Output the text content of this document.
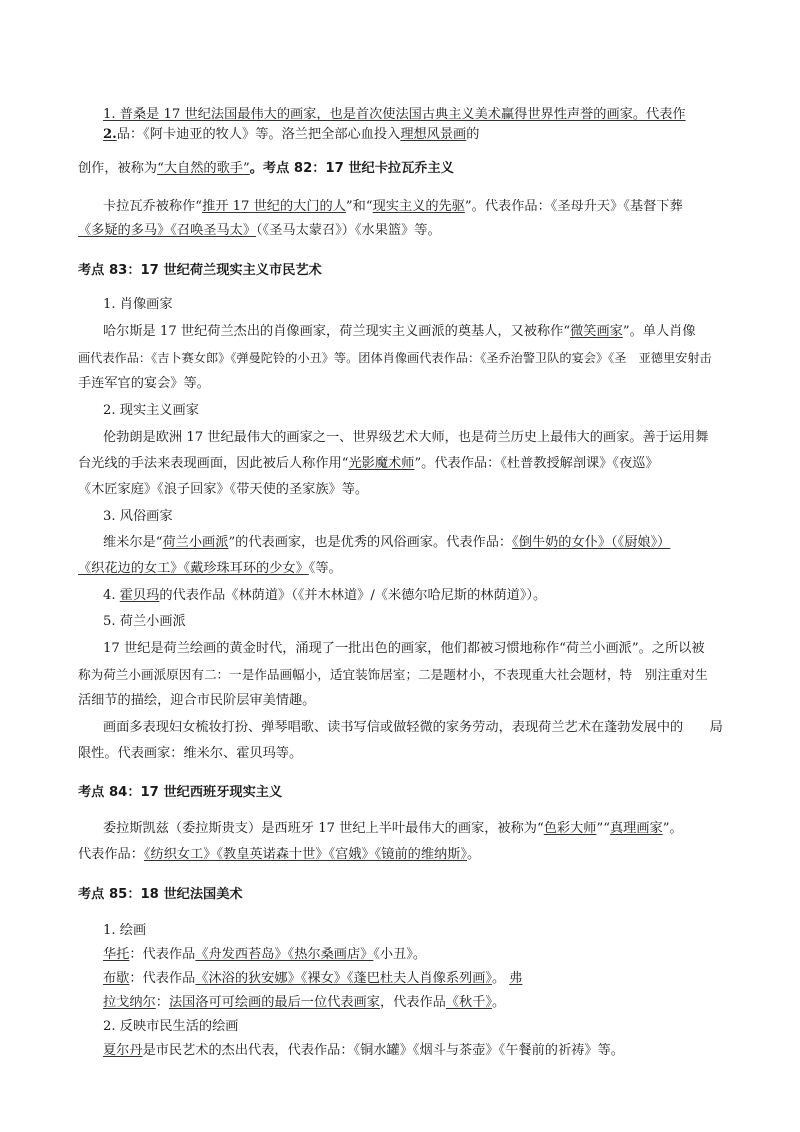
1. 普桑是 17 世纪法国最伟大的画家，也是首次使法国古典主义美术赢得世界性声誉的画家。代表作
2.品：《阿卡迪亚的牧人》等。洛兰把全部心血投入理想风景画的
创作，被称为“大自然的歌手”。考点 82：17 世纪卡拉瓦乔主义
卡拉瓦乔被称作“推开 17 世纪的大门的人”和“现实主义的先驱”。代表作品：《圣母升天》《基督下葬
《多疑的多马》《召唤圣马太》（《圣马太蒙召》）《水果篮》等。
考点 83：17 世纪荷兰现实主义市民艺术
1. 肖像画家
哈尔斯是 17 世纪荷兰杰出的肖像画家，荷兰现实主义画派的奠基人，又被称作“微笑画家”。单人肖像
画代表作品：《吉卜赛女郎》《弹曼陀铃的小丑》等。团体肖像画代表作品：《圣乔治警卫队的宴会》《圣　亚德里安射击
手连军官的宴会》等。
2. 现实主义画家
伦勃朗是欧洲 17 世纪最伟大的画家之一、世界级艺术大师，也是荷兰历史上最伟大的画家。善于运用舞
台光线的手法来表现画面，因此被后人称作用“光影魔术师”。代表作品：《杜普教授解剖课》《夜巡》
《木匠家庭》《浪子回家》《带天使的圣家族》等。
3. 风俗画家
维米尔是“荷兰小画派”的代表画家，也是优秀的风俗画家。代表作品：《倒牛奶的女仆》（《厨娘》）
《织花边的女工》《戴珍珠耳环的少女》《等。
4. 霍贝玛的代表作品《林荫道》（《并木林道》/《米德尔哈尼斯的林荫道》）。
5. 荷兰小画派
17 世纪是荷兰绘画的黄金时代，涌现了一批出色的画家，他们都被习惯地称作“荷兰小画派”。之所以被
称为荷兰小画派原因有二：一是作品画幅小，适宜装饰居室；二是题材小，不表现重大社会题材，特　别注重对生
活细节的描绘，迎合市民阶层审美情趣。
画面多表现妇女梳妆打扮、弹琴唱歌、读书写信或做轻微的家务劳动，表现荷兰艺术在蓬勃发展中的　　局
限性。代表画家：维米尔、霍贝玛等。
考点 84：17 世纪西班牙现实主义
委拉斯凯兹（委拉斯贵支）是西班牙 17 世纪上半叶最伟大的画家，被称为“色彩大师”“真理画家”。
代表作品：《纺织女工》《教皇英诺森十世》《宫娥》《镜前的维纳斯》。
考点 85：18 世纪法国美术
1. 绘画
华托：代表作品《舟发西苔岛》《热尔桑画店》《小丑》。
布歇：代表作品《沐浴的狄安娜》《裸女》《蓬巴杜夫人肖像系列画》。 弗
拉戈纳尔：法国洛可可绘画的最后一位代表画家，代表作品《秋千》。
2. 反映市民生活的绘画
夏尔丹是市民艺术的杰出代表，代表作品：《铜水罐》《烟斗与茶壶》《午餐前的祈祷》等。
